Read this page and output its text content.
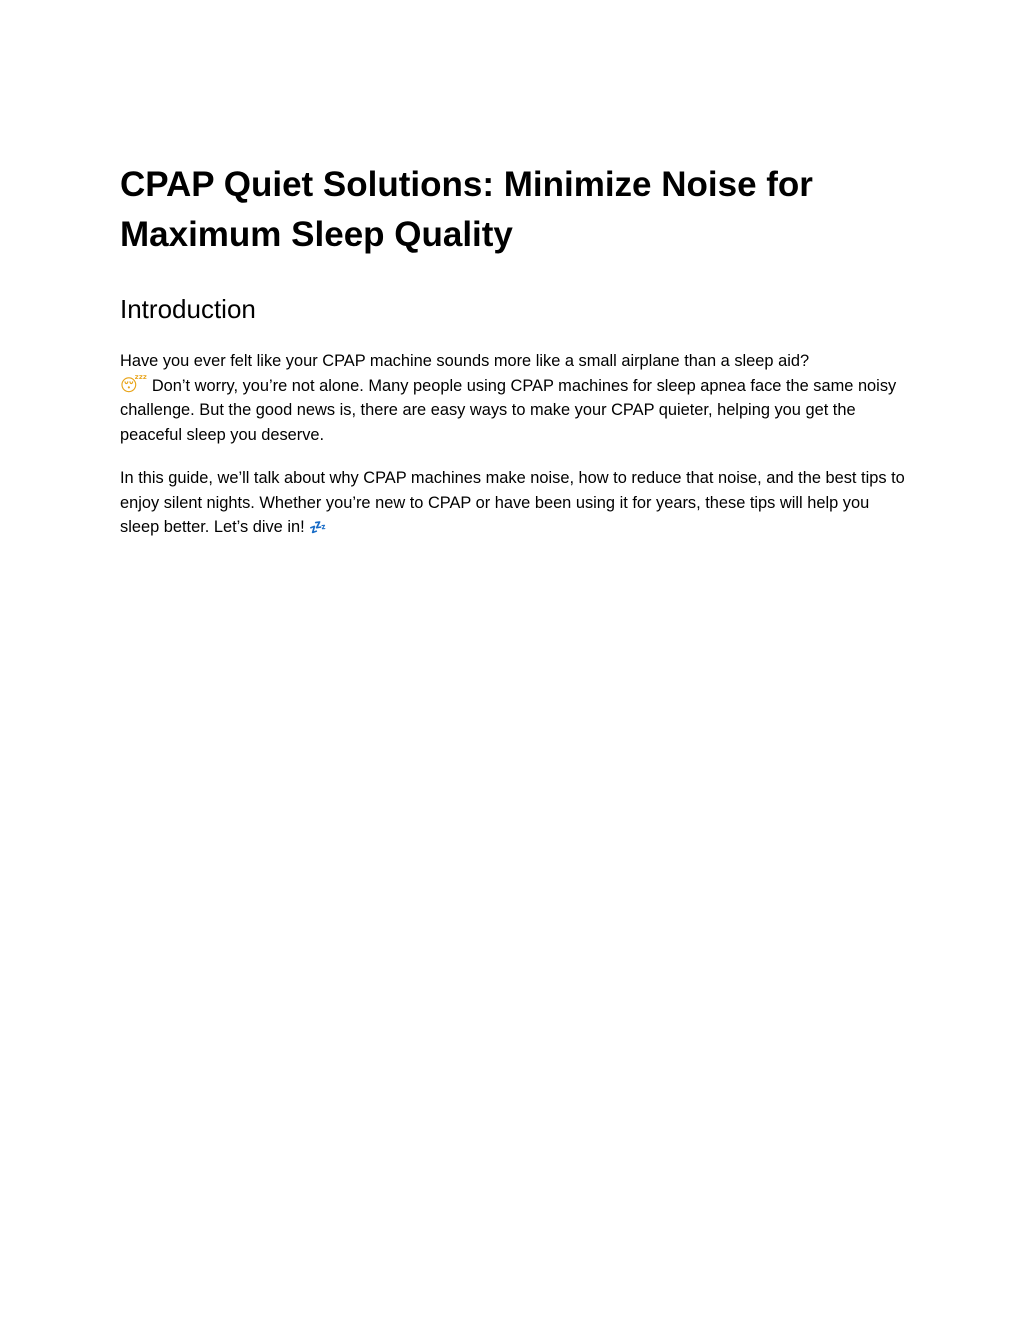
CPAP Quiet Solutions: Minimize Noise for Maximum Sleep Quality
Introduction

Have you ever felt like your CPAP machine sounds more like a small airplane than a sleep aid?
😴 Don’t worry, you’re not alone. Many people using CPAP machines for sleep apnea face the same noisy challenge. But the good news is, there are easy ways to make your CPAP quieter, helping you get the peaceful sleep you deserve.

In this guide, we’ll talk about why CPAP machines make noise, how to reduce that noise, and the best tips to enjoy silent nights. Whether you’re new to CPAP or have been using it for years, these tips will help you sleep better. Let’s dive in! 💤
